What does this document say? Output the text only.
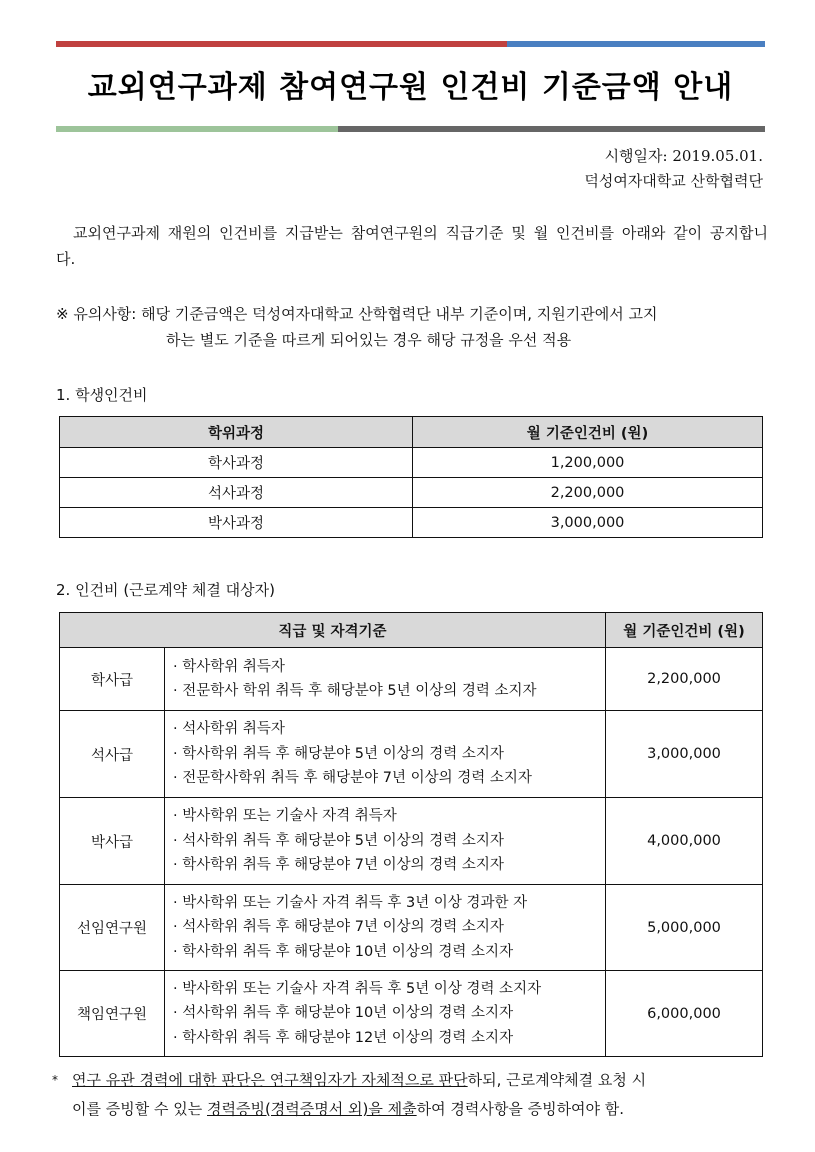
교외연구과제 참여연구원 인건비 기준금액 안내
시행일자: 2019.05.01.
덕성여자대학교 산학협력단
교외연구과제 재원의 인건비를 지급받는 참여연구원의 직급기준 및 월 인건비를 아래와 같이 공지합니다.
※ 유의사항: 해당 기준금액은 덕성여자대학교 산학협력단 내부 기준이며, 지원기관에서 고지
하는 별도 기준을 따르게 되어있는 경우 해당 규정을 우선 적용
1. 학생인건비
학위과정	월 기준인건비 (원)
학사과정	1,200,000
석사과정	2,200,000
박사과정	3,000,000
2. 인건비 (근로계약 체결 대상자)
직급 및 자격기준		월 기준인건비 (원)
학사급	· 학사학위 취득자
· 전문학사 학위 취득 후 해당분야 5년 이상의 경력 소지자	2,200,000
석사급	· 석사학위 취득자
· 학사학위 취득 후 해당분야 5년 이상의 경력 소지자
· 전문학사학위 취득 후 해당분야 7년 이상의 경력 소지자	3,000,000
박사급	· 박사학위 또는 기술사 자격 취득자
· 석사학위 취득 후 해당분야 5년 이상의 경력 소지자
· 학사학위 취득 후 해당분야 7년 이상의 경력 소지자	4,000,000
선임연구원	· 박사학위 또는 기술사 자격 취득 후 3년 이상 경과한 자
· 석사학위 취득 후 해당분야 7년 이상의 경력 소지자
· 학사학위 취득 후 해당분야 10년 이상의 경력 소지자	5,000,000
책임연구원	· 박사학위 또는 기술사 자격 취득 후 5년 이상 경력 소지자
· 석사학위 취득 후 해당분야 10년 이상의 경력 소지자
· 학사학위 취득 후 해당분야 12년 이상의 경력 소지자	6,000,000
* 연구 유관 경력에 대한 판단은 연구책임자가 자체적으로 판단하되, 근로계약체결 요청 시
이를 증빙할 수 있는 경력증빙(경력증명서 외)을 제출하여 경력사항을 증빙하여야 함.
